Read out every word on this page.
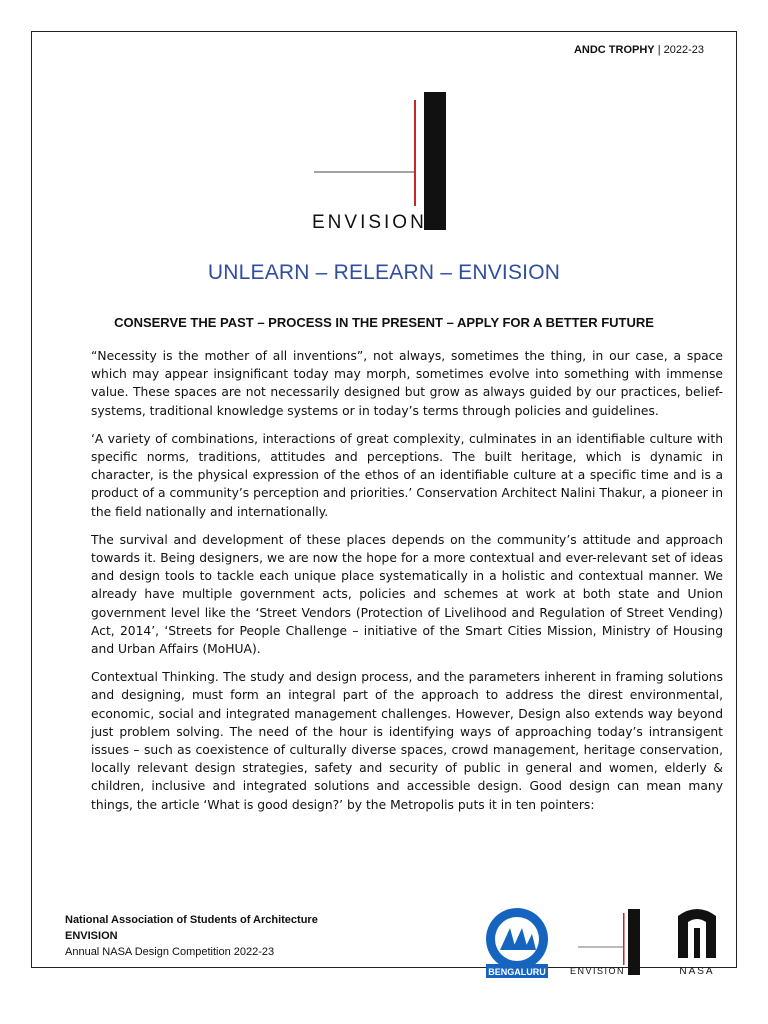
ANDC TROPHY | 2022-23
ENVISION
UNLEARN – RELEARN – ENVISION
CONSERVE THE PAST – PROCESS IN THE PRESENT – APPLY FOR A BETTER FUTURE

“Necessity is the mother of all inventions”, not always, sometimes the thing, in our case, a space which may appear insignificant today may morph, sometimes evolve into something with immense value. These spaces are not necessarily designed but grow as always guided by our practices, belief-systems, traditional knowledge systems or in today’s terms through policies and guidelines.

‘A variety of combinations, interactions of great complexity, culminates in an identifiable culture with specific norms, traditions, attitudes and perceptions. The built heritage, which is dynamic in character, is the physical expression of the ethos of an identifiable culture at a specific time and is a product of a community’s perception and priorities.’ Conservation Architect Nalini Thakur, a pioneer in the field nationally and internationally.

The survival and development of these places depends on the community’s attitude and approach towards it. Being designers, we are now the hope for a more contextual and ever-relevant set of ideas and design tools to tackle each unique place systematically in a holistic and contextual manner. We already have multiple government acts, policies and schemes at work at both state and Union government level like the ‘Street Vendors (Protection of Livelihood and Regulation of Street Vending) Act, 2014’, ‘Streets for People Challenge – initiative of the Smart Cities Mission, Ministry of Housing and Urban Affairs (MoHUA).

Contextual Thinking. The study and design process, and the parameters inherent in framing solutions and designing, must form an integral part of the approach to address the direst environmental, economic, social and integrated management challenges. However, Design also extends way beyond just problem solving. The need of the hour is identifying ways of approaching today’s intransigent issues – such as coexistence of culturally diverse spaces, crowd management, heritage conservation, locally relevant design strategies, safety and security of public in general and women, elderly & children, inclusive and integrated solutions and accessible design. Good design can mean many things, the article ‘What is good design?’ by the Metropolis puts it in ten pointers:

National Association of Students of Architecture
ENVISION
Annual NASA Design Competition 2022-23
BENGALURU	ENVISION	NASA
